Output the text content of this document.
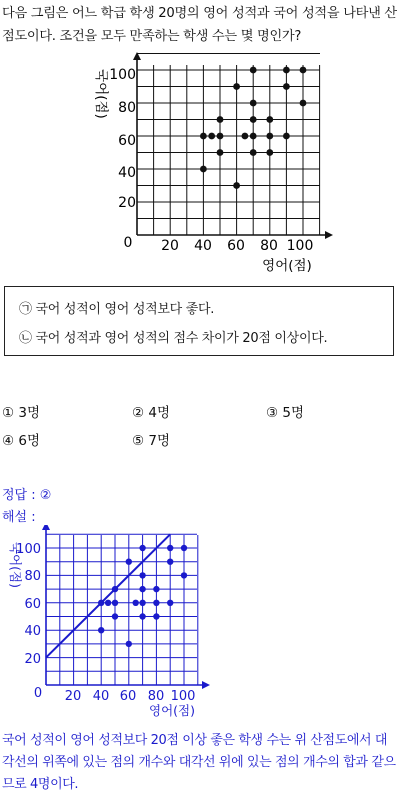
다음 그림은 어느 학급 학생 20명의 영어 성적과 국어 성적을 나타낸 산점도이다. 조건을 모두 만족하는 학생 수는 몇 명인가?
20 40 60 80 100
20
40
60
80
100
0
영어(점)
국어(점)
㉠ 국어 성적이 영어 성적보다 좋다.
㉡ 국어 성적과 영어 성적의 점수 차이가 20점 이상이다.
① 3명	② 4명	③ 5명
④ 6명	⑤ 7명
정답 : ②
해설 :
20 40 60 80 100
20
40
60
80
100
0
영어(점)
국어(점)
국어 성적이 영어 성적보다 20점 이상 좋은 학생 수는 위 산점도에서 대각선의 위쪽에 있는 점의 개수와 대각선 위에 있는 점의 개수의 합과 같으므로 4명이다.
